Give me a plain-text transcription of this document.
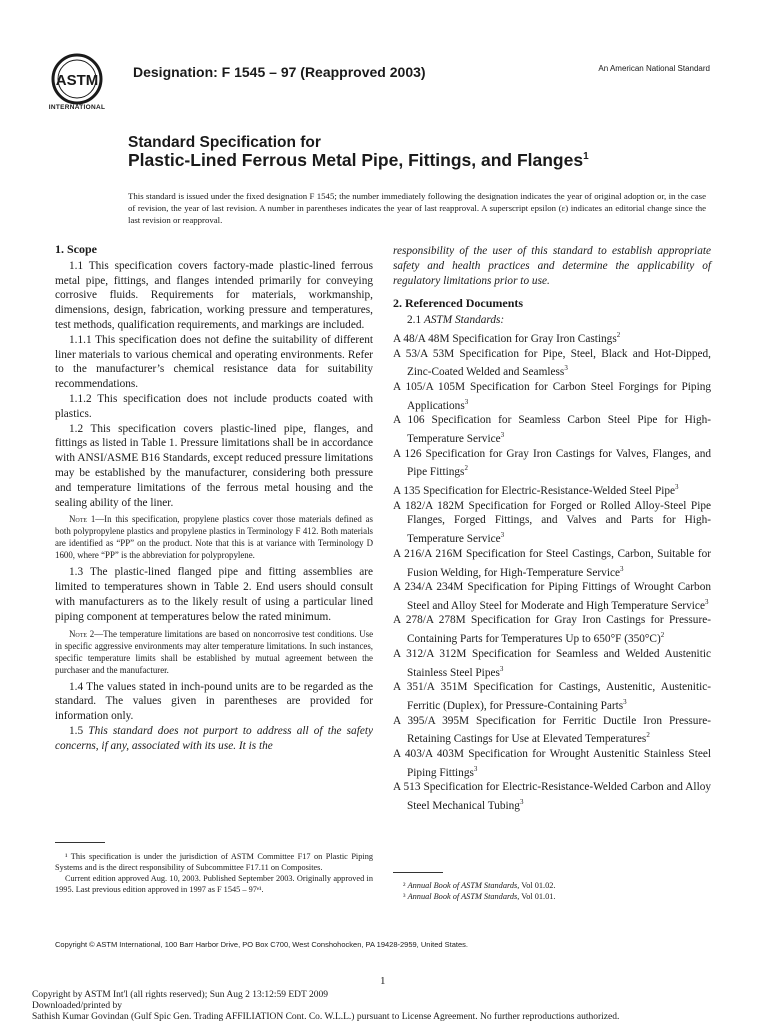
ASTM
INTERNATIONAL
Designation: F 1545 – 97 (Reapproved 2003)	An American National Standard
Standard Specification for
Plastic-Lined Ferrous Metal Pipe, Fittings, and Flanges$^1$
This standard is issued under the fixed designation F 1545; the number immediately following the designation indicates the year of original adoption or, in the case of revision, the year of last revision. A number in parentheses indicates the year of last reapproval. A superscript epsilon (ε) indicates an editorial change since the last revision or reapproval.
1. Scope

1.1 This specification covers factory-made plastic-lined ferrous metal pipe, fittings, and flanges intended primarily for conveying corrosive fluids. Requirements for materials, workmanship, dimensions, design, fabrication, working pressure and temperatures, test methods, qualification requirements, and markings are included.

1.1.1 This specification does not define the suitability of different liner materials to various chemical and operating environments. Refer to the manufacturer’s chemical resistance data for suitability recommendations.

1.1.2 This specification does not include products coated with plastics.

1.2 This specification covers plastic-lined pipe, flanges, and fittings as listed in Table 1. Pressure limitations shall be in accordance with ANSI/ASME B16 Standards, except reduced pressure limitations may be established by the manufacturer, considering both pressure and temperature limitations of the ferrous metal housing and the sealing ability of the liner.

Note 1—In this specification, propylene plastics cover those materials defined as both polypropylene plastics and propylene plastics in Terminology F 412. Both materials are identified as “PP” on the product. Note that this is at variance with Terminology D 1600, where “PP” is the abbreviation for polypropylene.

1.3 The plastic-lined flanged pipe and fitting assemblies are limited to temperatures shown in Table 2. End users should consult with manufacturers as to the likely result of using a particular lined piping component at temperatures below the rated minimum.

Note 2—The temperature limitations are based on noncorrosive test conditions. Use in specific aggressive environments may alter temperature limitations. In such instances, specific temperature limits shall be established by mutual agreement between the purchaser and the manufacturer.

1.4 The values stated in inch-pound units are to be regarded as the standard. The values given in parentheses are provided for information only.

1.5 This standard does not purport to address all of the safety concerns, if any, associated with its use. It is the

responsibility of the user of this standard to establish appropriate safety and health practices and determine the applicability of regulatory limitations prior to use.

2. Referenced Documents

2.1 ASTM Standards:

A 48/A 48M Specification for Gray Iron Castings$^2$

A 53/A 53M Specification for Pipe, Steel, Black and Hot-Dipped, Zinc-Coated Welded and Seamless$^3$

A 105/A 105M Specification for Carbon Steel Forgings for Piping Applications$^3$

A 106 Specification for Seamless Carbon Steel Pipe for High-Temperature Service$^3$

A 126 Specification for Gray Iron Castings for Valves, Flanges, and Pipe Fittings$^2$

A 135 Specification for Electric-Resistance-Welded Steel Pipe$^3$

A 182/A 182M Specification for Forged or Rolled Alloy-Steel Pipe Flanges, Forged Fittings, and Valves and Parts for High-Temperature Service$^3$

A 216/A 216M Specification for Steel Castings, Carbon, Suitable for Fusion Welding, for High-Temperature Service$^3$

A 234/A 234M Specification for Piping Fittings of Wrought Carbon Steel and Alloy Steel for Moderate and High Temperature Service$^3$

A 278/A 278M Specification for Gray Iron Castings for Pressure-Containing Parts for Temperatures Up to 650°F $(350^\circ C)^2$

A 312/A 312M Specification for Seamless and Welded Austenitic Stainless Steel Pipes$^3$

A 351/A 351M Specification for Castings, Austenitic, Austenitic-Ferritic (Duplex), for Pressure-Containing Parts$^3$

A 395/A 395M Specification for Ferritic Ductile Iron Pressure-Retaining Castings for Use at Elevated Temperatures$^2$

A 403/A 403M Specification for Wrought Austenitic Stainless Steel Piping Fittings$^3$

A 513 Specification for Electric-Resistance-Welded Carbon and Alloy Steel Mechanical Tubing$^3$

¹ This specification is under the jurisdiction of ASTM Committee F17 on Plastic Piping Systems and is the direct responsibility of Subcommittee F17.11 on Composites.

Current edition approved Aug. 10, 2003. Published September 2003. Originally approved in 1995. Last previous edition approved in 1997 as F 1545 – 97ᵉ¹.	² Annual Book of ASTM Standards, Vol 01.02.

³ Annual Book of ASTM Standards, Vol 01.01.

Copyright © ASTM International, 100 Barr Harbor Drive, PO Box C700, West Conshohocken, PA 19428-2959, United States.
1
Copyright by ASTM Int'l (all rights reserved); Sun Aug 2 13:12:59 EDT 2009
Downloaded/printed by
Sathish Kumar Govindan (Gulf Spic Gen. Trading AFFILIATION Cont. Co. W.L.L.) pursuant to License Agreement. No further reproductions authorized.
